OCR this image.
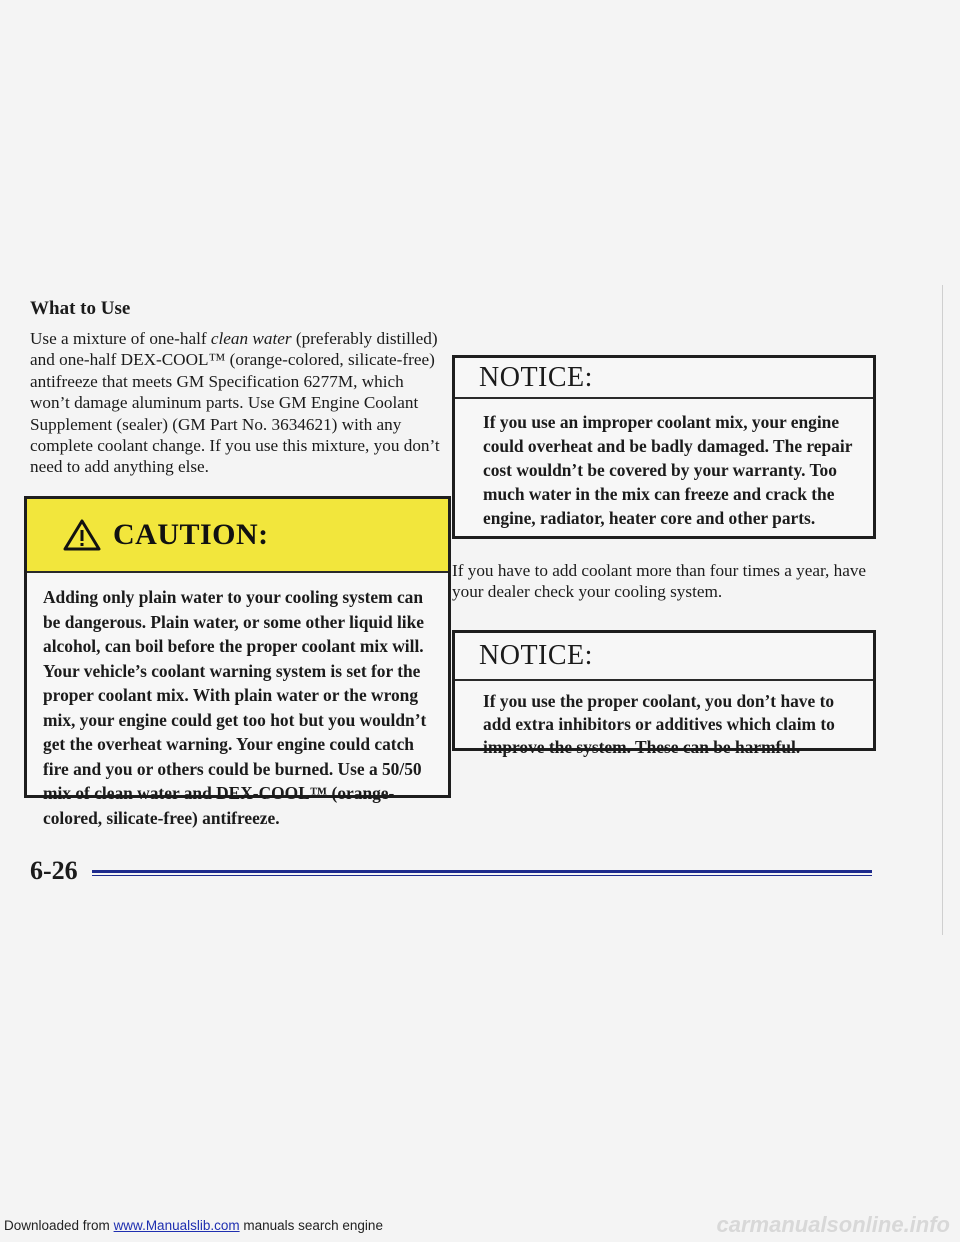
What to Use

Use a mixture of one-half clean water (preferably distilled) and one-half DEX-COOL™ (orange-colored, silicate-free) antifreeze that meets GM Specification 6277M, which won’t damage aluminum parts. Use GM Engine Coolant Supplement (sealer) (GM Part No. 3634621) with any complete coolant change. If you use this mixture, you don’t need to add anything else.

CAUTION:

Adding only plain water to your cooling system can be dangerous. Plain water, or some other liquid like alcohol, can boil before the proper coolant mix will. Your vehicle’s coolant warning system is set for the proper coolant mix. With plain water or the wrong mix, your engine could get too hot but you wouldn’t get the overheat warning. Your engine could catch fire and you or others could be burned. Use a 50/50 mix of clean water and DEX-COOL™ (orange-colored, silicate-free) antifreeze.

NOTICE:

If you use an improper coolant mix, your engine could overheat and be badly damaged. The repair cost wouldn’t be covered by your warranty. Too much water in the mix can freeze and crack the engine, radiator, heater core and other parts.

If you have to add coolant more than four times a year, have your dealer check your cooling system.

NOTICE:

If you use the proper coolant, you don’t have to add extra inhibitors or additives which claim to improve the system. These can be harmful.

6-26

Downloaded from www.Manualslib.com manuals search engine	carmanualsonline.info
